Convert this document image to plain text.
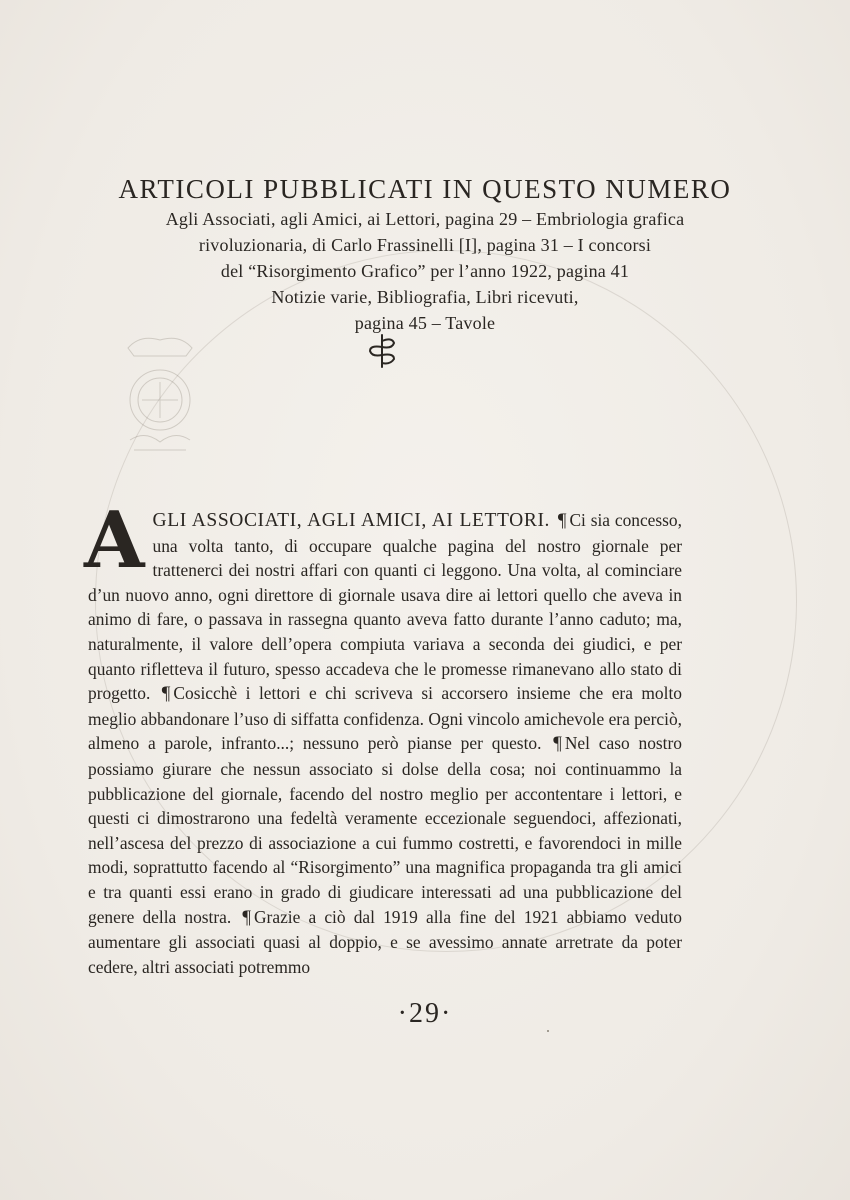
ARTICOLI PUBBLICATI IN QUESTO NUMERO
Agli Associati, agli Amici, ai Lettori, pagina 29 – Embriologia grafica
rivoluzionaria, di Carlo Frassinelli [I], pagina 31 – I concorsi
del “Risorgimento Grafico” per l’anno 1922, pagina 41
Notizie varie, Bibliografia, Libri ricevuti,
pagina 45 – Tavole
A GLI ASSOCIATI, AGLI AMICI, AI LETTORI. ¶ Ci sia concesso, una volta tanto, di occupare qualche pagina del nostro giornale per trattenerci dei nostri affari con quanti ci leggono. Una volta, al cominciare d’un nuovo anno, ogni direttore di giornale usava dire ai lettori quello che aveva in animo di fare, o passava in rassegna quanto aveva fatto durante l’anno caduto; ma, naturalmente, il valore dell’opera compiuta variava a seconda dei giudici, e per quanto rifletteva il futuro, spesso accadeva che le promesse rimanevano allo stato di progetto. ¶ Cosicchè i lettori e chi scriveva si accorsero insieme che era molto meglio abbandonare l’uso di siffatta confidenza. Ogni vincolo amichevole era perciò, almeno a parole, infranto...; nessuno però pianse per questo. ¶ Nel caso nostro possiamo giurare che nessun associato si dolse della cosa; noi continuammo la pubblicazione del giornale, facendo del nostro meglio per accontentare i lettori, e questi ci dimostrarono una fedeltà veramente eccezionale seguendoci, affezionati, nell’ascesa del prezzo di associazione a cui fummo costretti, e favorendoci in mille modi, soprattutto facendo al “Risorgimento” una magnifica propaganda tra gli amici e tra quanti essi erano in grado di giudicare interessati ad una pubblicazione del genere della nostra. ¶ Grazie a ciò dal 1919 alla fine del 1921 abbiamo veduto aumentare gli associati quasi al doppio, e se avessimo annate arretrate da poter cedere, altri associati potremmo
·29·
